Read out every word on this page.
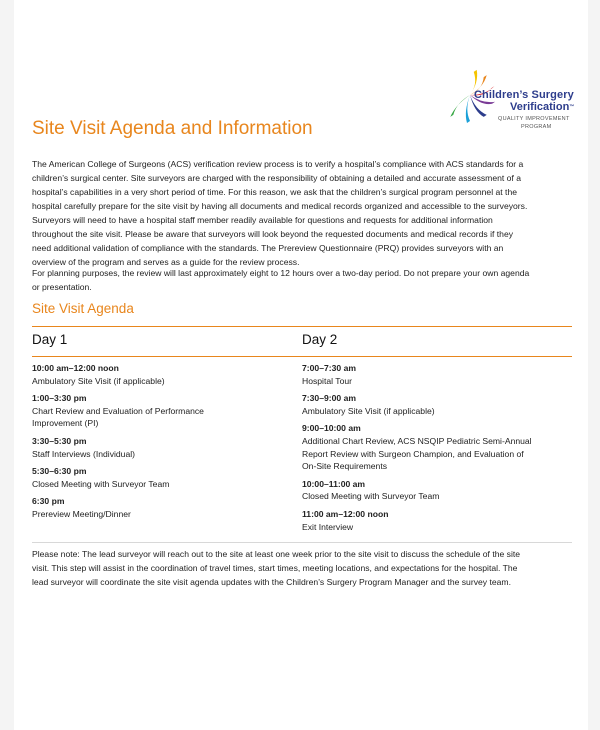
Children’s Surgery
Verification™
QUALITY IMPROVEMENT
PROGRAM
Site Visit Agenda and Information
The American College of Surgeons (ACS) verification review process is to verify a hospital’s compliance with ACS standards for a
children’s surgical center. Site surveyors are charged with the responsibility of obtaining a detailed and accurate assessment of a
hospital’s capabilities in a very short period of time. For this reason, we ask that the children’s surgical program personnel at the
hospital carefully prepare for the site visit by having all documents and medical records organized and accessible to the surveyors.
Surveyors will need to have a hospital staff member readily available for questions and requests for additional information
throughout the site visit. Please be aware that surveyors will look beyond the requested documents and medical records if they
need additional validation of compliance with the standards. The Prereview Questionnaire (PRQ) provides surveyors with an
overview of the program and serves as a guide for the review process.
For planning purposes, the review will last approximately eight to 12 hours over a two-day period. Do not prepare your own agenda
or presentation.
Site Visit Agenda
Day 1	Day 2
10:00 am–12:00 noon
Ambulatory Site Visit (if applicable)
1:00–3:30 pm
Chart Review and Evaluation of Performance
Improvement (PI)
3:30–5:30 pm
Staff Interviews (Individual)
5:30–6:30 pm
Closed Meeting with Surveyor Team
6:30 pm
Prereview Meeting/Dinner
7:00–7:30 am
Hospital Tour
7:30–9:00 am
Ambulatory Site Visit (if applicable)
9:00–10:00 am
Additional Chart Review, ACS NSQIP Pediatric Semi-Annual
Report Review with Surgeon Champion, and Evaluation of
On-Site Requirements
10:00–11:00 am
Closed Meeting with Surveyor Team
11:00 am–12:00 noon
Exit Interview
Please note: The lead surveyor will reach out to the site at least one week prior to the site visit to discuss the schedule of the site
visit. This step will assist in the coordination of travel times, start times, meeting locations, and expectations for the hospital. The
lead surveyor will coordinate the site visit agenda updates with the Children’s Surgery Program Manager and the survey team.
